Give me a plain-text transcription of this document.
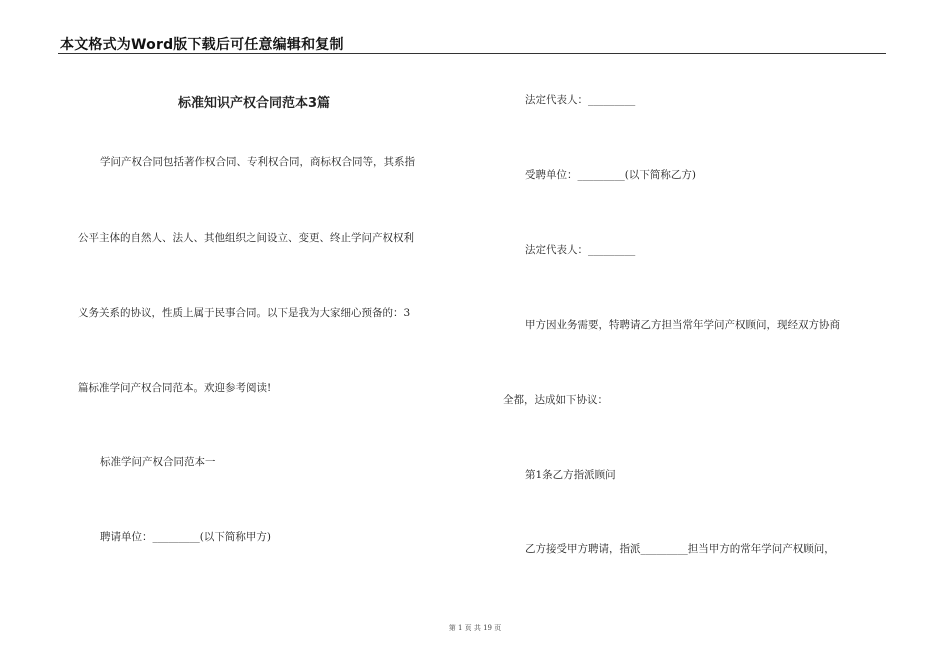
本文格式为Word版下载后可任意编辑和复制
标准知识产权合同范本3篇
学问产权合同包括著作权合同、专利权合同，商标权合同等，其系指
公平主体的自然人、法人、其他组织之间设立、变更、终止学问产权权利
义务关系的协议，性质上属于民事合同。以下是我为大家细心预备的：3
篇标准学问产权合同范本。欢迎参考阅读!
标准学问产权合同范本一
聘请单位：_________(以下简称甲方)
法定代表人：_________
受聘单位：_________(以下简称乙方)
法定代表人：_________
甲方因业务需要，特聘请乙方担当常年学问产权顾问，现经双方协商
全都，达成如下协议：
第1条乙方指派顾问
乙方接受甲方聘请，指派_________担当甲方的常年学问产权顾问，
第 1 页 共 19 页
